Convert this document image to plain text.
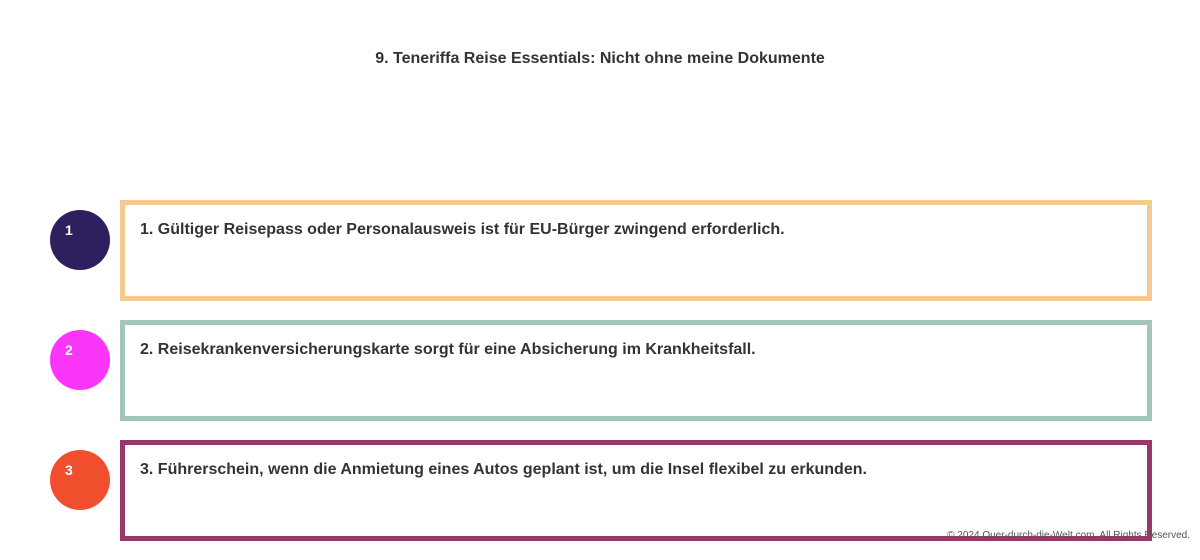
9. Teneriffa Reise Essentials: Nicht ohne meine Dokumente
1	1. Gültiger Reisepass oder Personalausweis ist für EU-Bürger zwingend erforderlich.
2	2. Reisekrankenversicherungskarte sorgt für eine Absicherung im Krankheitsfall.
3	3. Führerschein, wenn die Anmietung eines Autos geplant ist, um die Insel flexibel zu erkunden.
© 2024 Quer-durch-die-Welt.com. All Rights Reserved.
